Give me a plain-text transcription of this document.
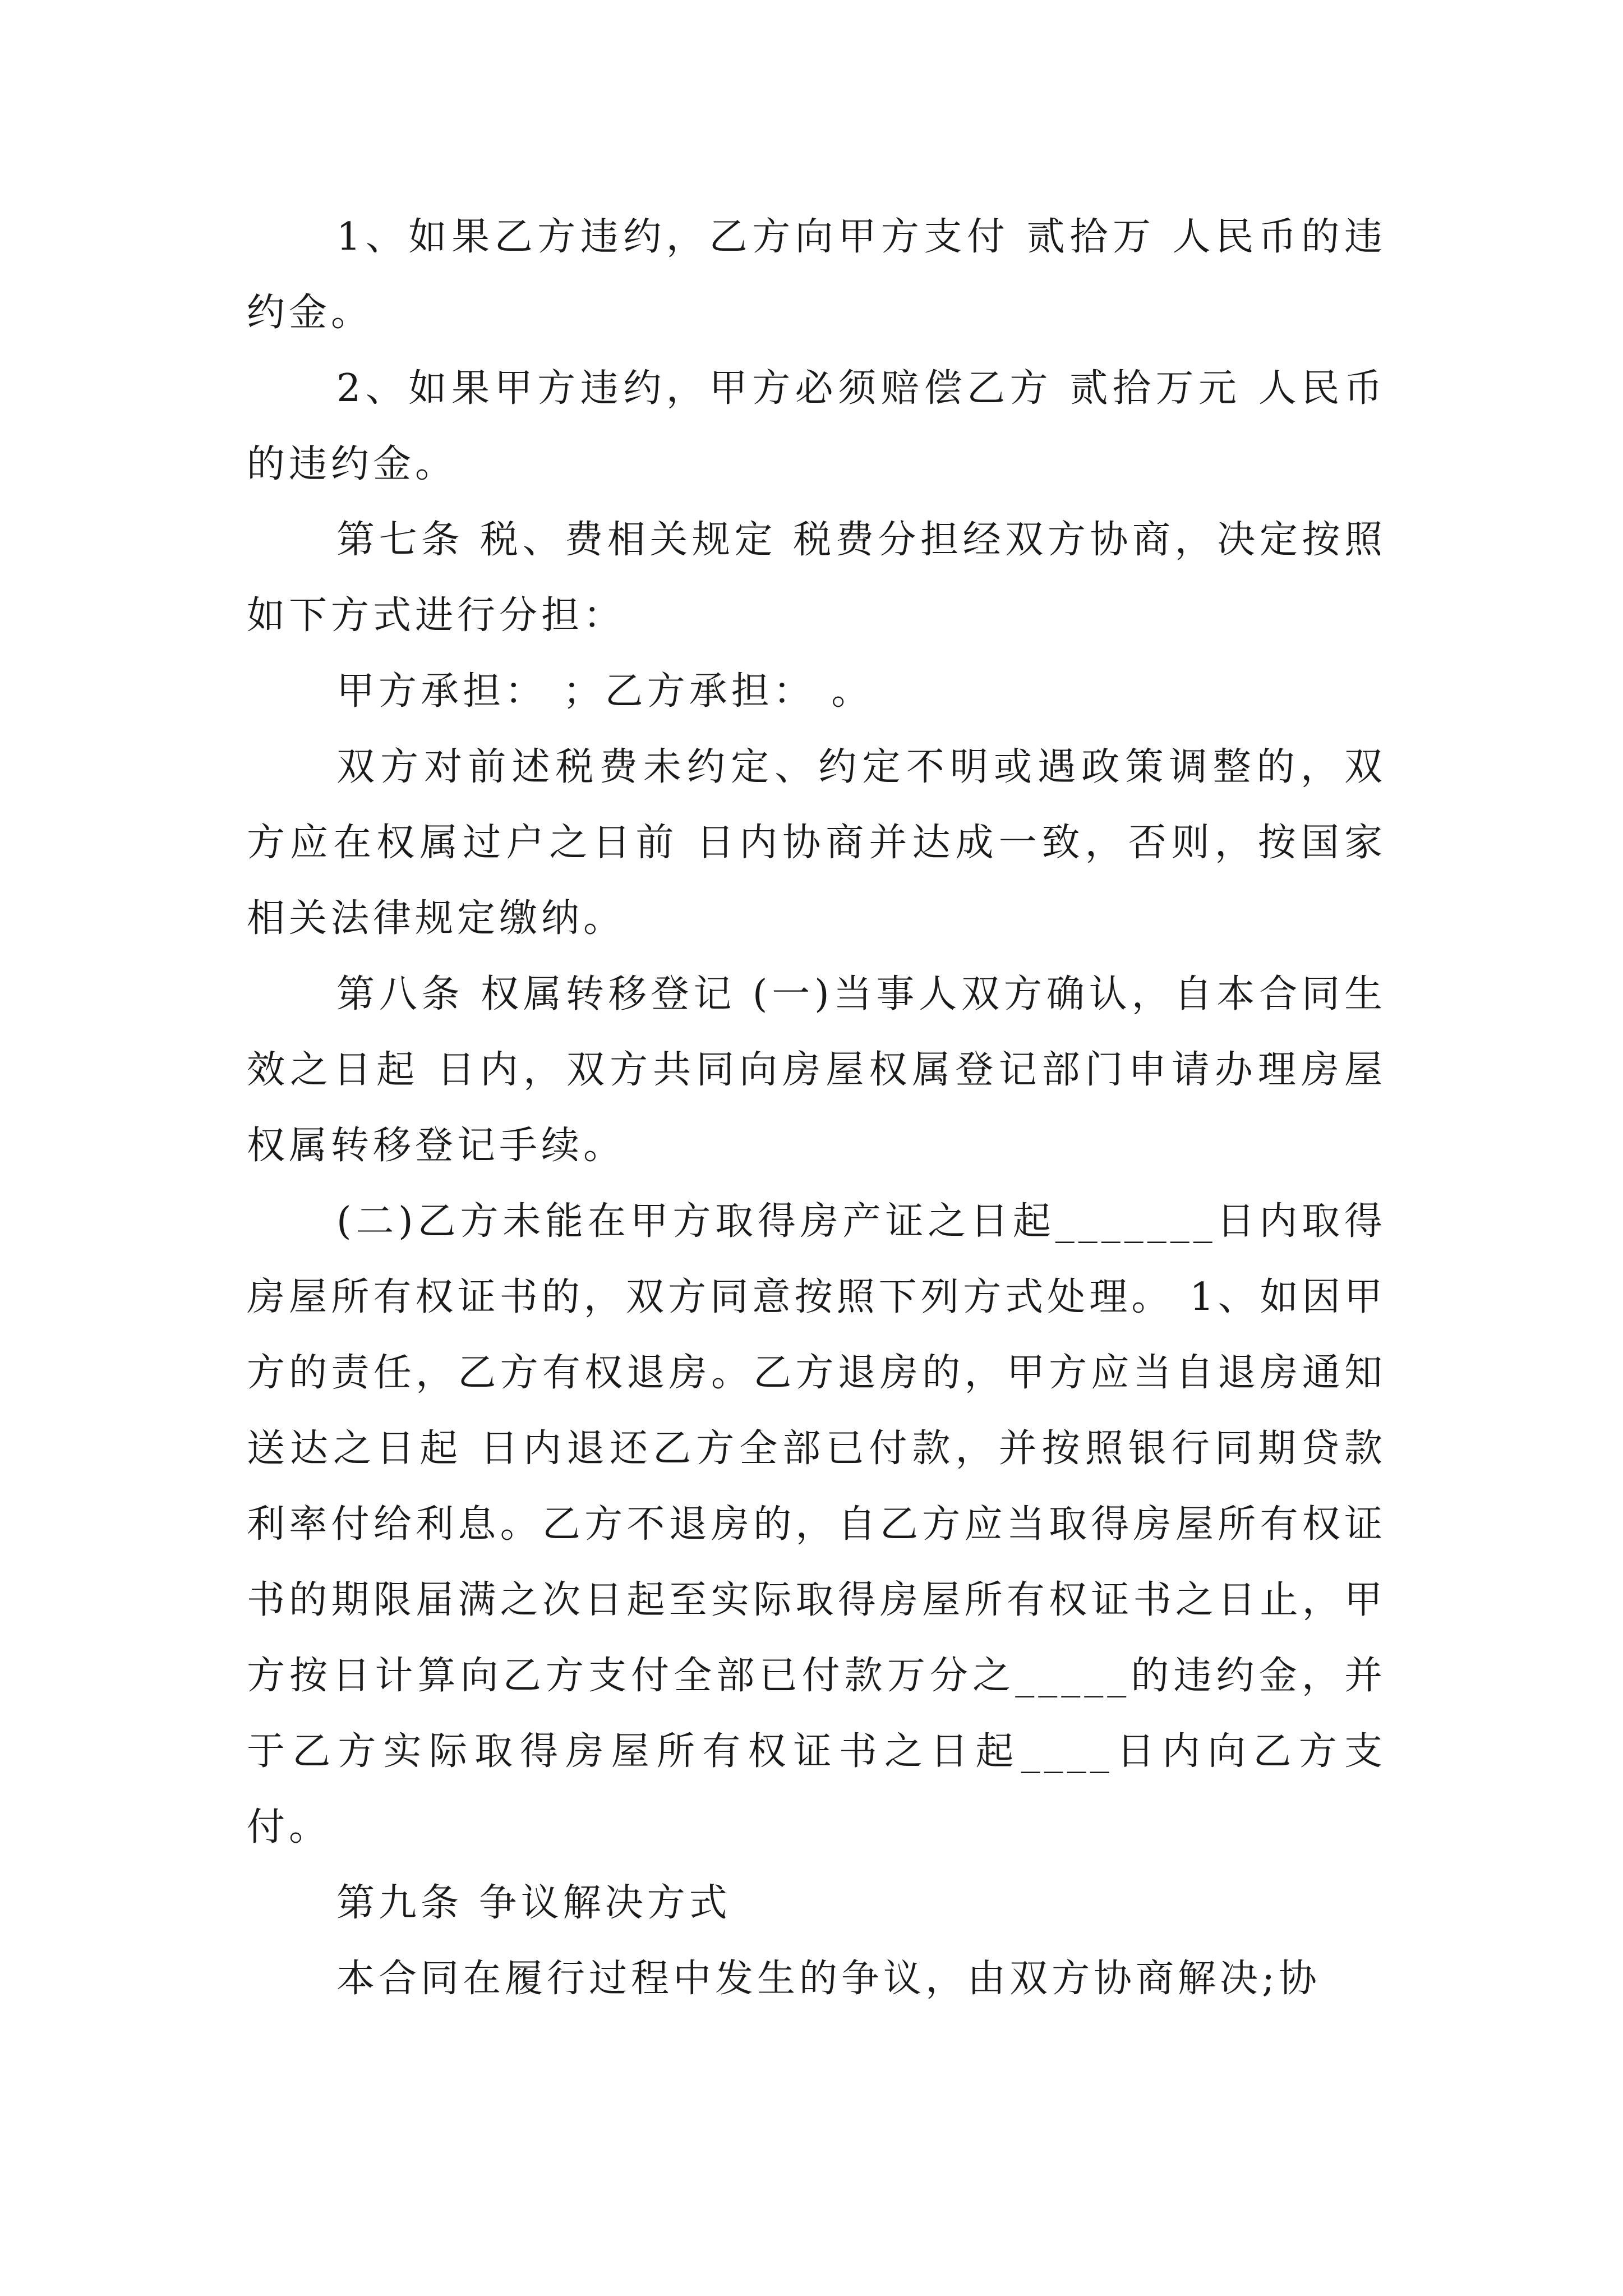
1、如果乙方违约，乙方向甲方支付 贰拾万 人民币的违约金。

2、如果甲方违约，甲方必须赔偿乙方 贰拾万元 人民币的违约金。

第七条 税、费相关规定 税费分担经双方协商，决定按照如下方式进行分担：

甲方承担： ；乙方承担： 。

双方对前述税费未约定、约定不明或遇政策调整的，双方应在权属过户之日前 日内协商并达成一致，否则，按国家相关法律规定缴纳。

第八条 权属转移登记 (一)当事人双方确认，自本合同生效之日起 日内，双方共同向房屋权属登记部门申请办理房屋权属转移登记手续。

(二)乙方未能在甲方取得房产证之日起_______日内取得房屋所有权证书的，双方同意按照下列方式处理。 1、如因甲方的责任，乙方有权退房。乙方退房的，甲方应当自退房通知送达之日起 日内退还乙方全部已付款，并按照银行同期贷款利率付给利息。乙方不退房的，自乙方应当取得房屋所有权证书的期限届满之次日起至实际取得房屋所有权证书之日止，甲方按日计算向乙方支付全部已付款万分之_____的违约金，并于乙方实际取得房屋所有权证书之日起____日内向乙方支付。

第九条 争议解决方式

本合同在履行过程中发生的争议，由双方协商解决;协
